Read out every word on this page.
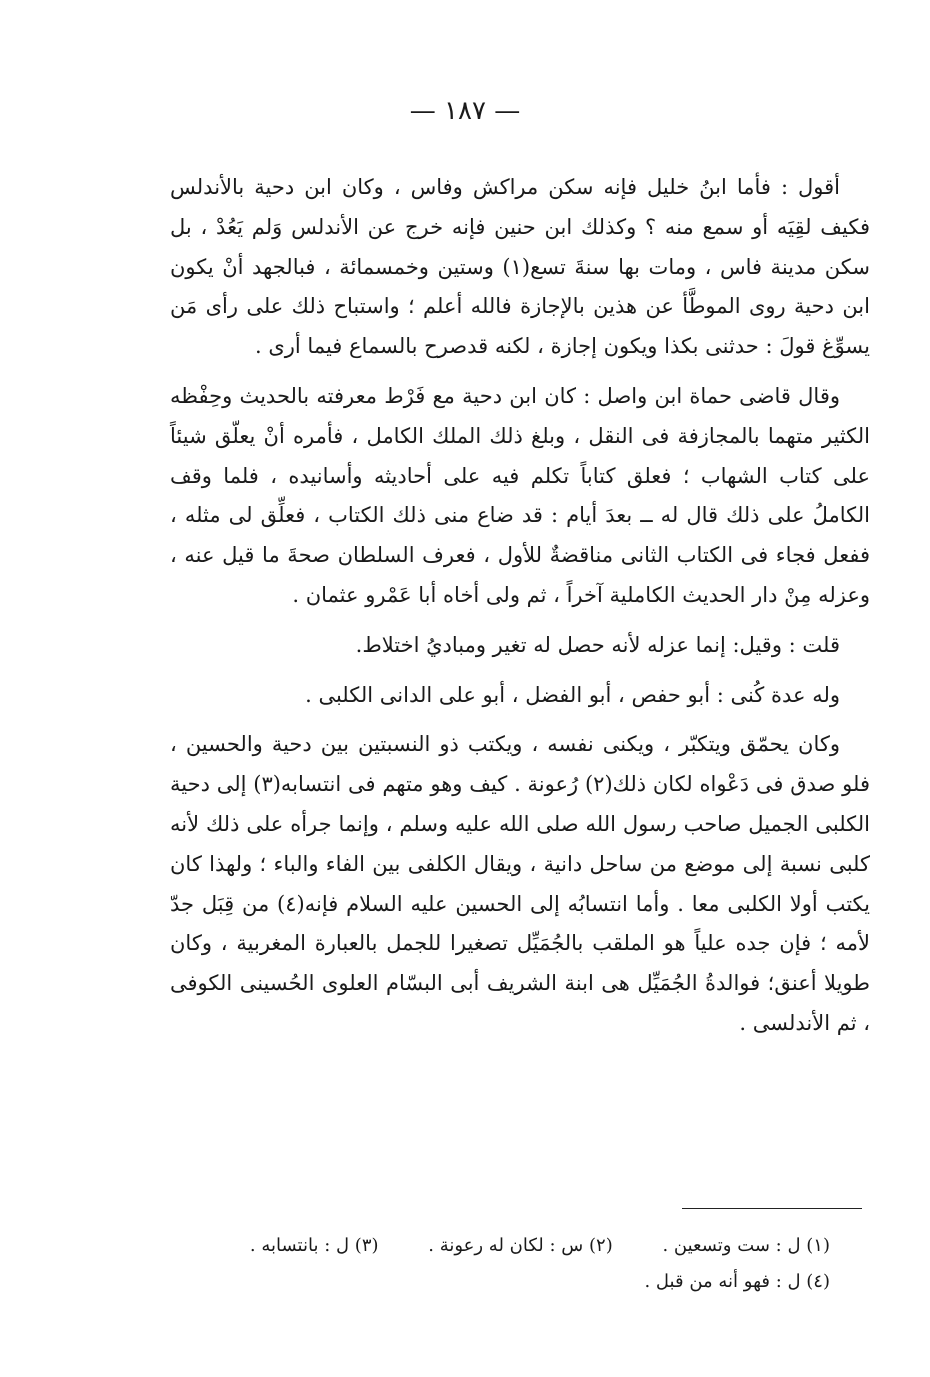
— ١٨٧ —

أقول : فأما ابنُ خليل فإنه سكن مراكش وفاس ، وكان ابن دحية بالأندلس فكيف لقِيَه أو سمع منه ؟ وكذلك ابن حنين فإنه خرج عن الأندلس وَلم يَعُدْ ، بل سكن مدينة فاس ، ومات بها سنةَ تسع(١) وستين وخمسمائة ، فبالجهد أنْ يكون ابن دحية روى الموطَّأ عن هذين بالإجازة فالله أعلم ؛ واستباح ذلك على رأى مَن يسوِّغ قولَ : حدثنى بكذا ويكون إجازة ، لكنه قدصرح بالسماع فيما أرى .

وقال قاضى حماة ابن واصل : كان ابن دحية مع فَرْط معرفته بالحديث وحِفْظه الكثير متهما بالمجازفة فى النقل ، وبلغ ذلك الملك الكامل ، فأمره أنْ يعلّق شيئاً على كتاب الشهاب ؛ فعلق كتاباً تكلم فيه على أحاديثه وأسانيده ، فلما وقف الكاملُ على ذلك قال له ــ بعدَ أيام : قد ضاع منى ذلك الكتاب ، فعلِّق لى مثله ، ففعل فجاء فى الكتاب الثانى مناقضةٌ للأول ، فعرف السلطان صحةَ ما قيل عنه ، وعزله مِنْ دار الحديث الكاملية آخراً ، ثم ولى أخاه أبا عَمْرو عثمان .

قلت : وقيل: إنما عزله لأنه حصل له تغير ومباديُ اختلاط.

وله عدة كُنى : أبو حفص ، أبو الفضل ، أبو على الدانى الكلبى .

وكان يحمّق ويتكبّر ، ويكنى نفسه ، ويكتب ذو النسبتين بين دحية والحسين ، فلو صدق فى دَعْواه لكان ذلك(٢) رُعونة . كيف وهو متهم فى انتسابه(٣) إلى دحية الكلبى الجميل صاحب رسول الله صلى الله عليه وسلم ، وإنما جرأه على ذلك لأنه كلبى نسبة إلى موضع من ساحل دانية ، ويقال الكلفى بين الفاء والباء ؛ ولهذا كان يكتب أولا الكلبى معا . وأما انتسابُه إلى الحسين عليه السلام فإنه(٤) من قِبَل جدّ لأمه ؛ فإن جده علياً هو الملقب بالجُمَيِّل تصغيرا للجمل بالعبارة المغربية ، وكان طويلا أعنق؛ فوالدةُ الجُمَيِّل هى ابنة الشريف أبى البسّام العلوى الحُسينى الكوفى ، ثم الأندلسى .

(١) ل : ست وتسعين . (٢) س : لكان له رعونة . (٣) ل : بانتسابه .
(٤) ل : فهو أنه من قبل .
